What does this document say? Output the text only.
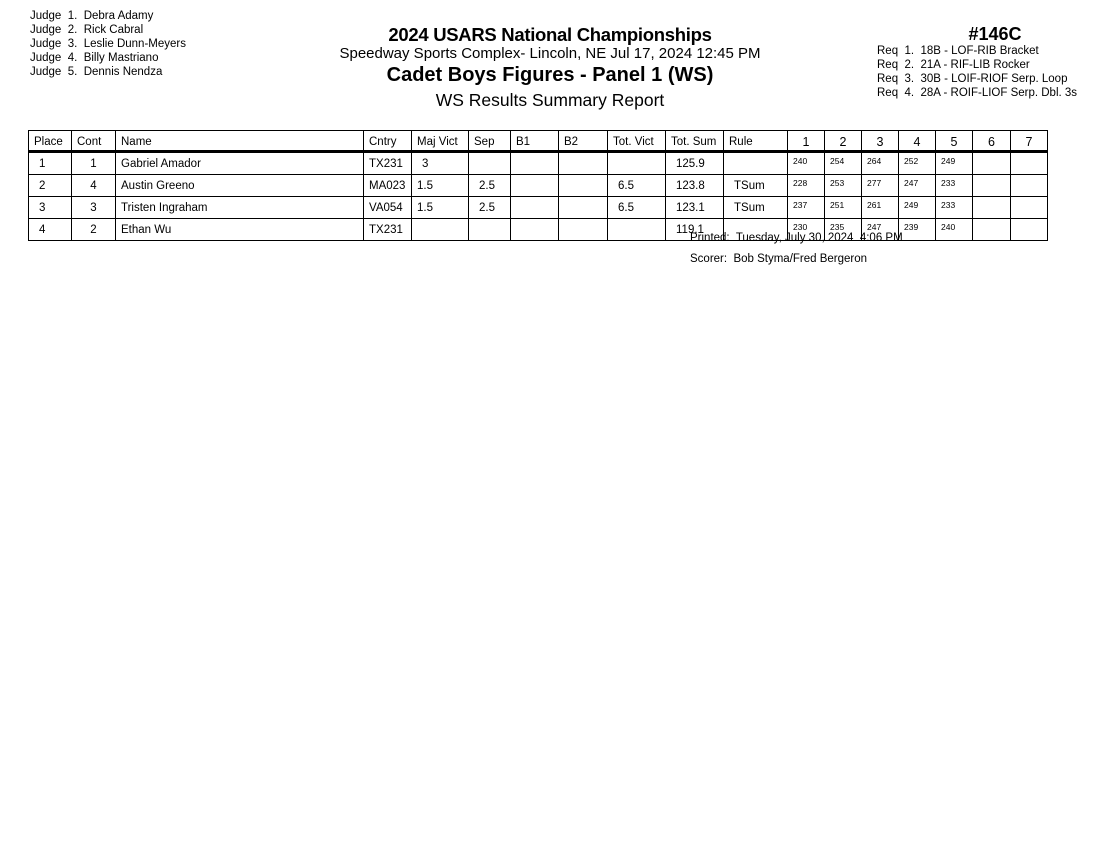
Judge  1.  Debra Adamy
Judge  2.  Rick Cabral
Judge  3.  Leslie Dunn-Meyers
Judge  4.  Billy Mastriano
Judge  5.  Dennis Nendza
2024 USARS National Championships
Speedway Sports Complex- Lincoln, NE Jul 17, 2024 12:45 PM
Cadet Boys Figures - Panel 1 (WS)
WS Results Summary Report
#146C
Req  1.  18B - LOF-RIB Bracket
Req  2.  21A - RIF-LIB Rocker
Req  3.  30B - LOIF-RIOF Serp. Loop
Req  4.  28A - ROIF-LIOF Serp. Dbl. 3s
Place	Cont	Name	Cntry	Maj Vict	Sep	B1	B2	Tot. Vict	Tot. Sum	Rule	1	2	3	4	5	6	7
1	1	Gabriel Amador	TX231	3					125.9		240	254	264	252	249		
2	4	Austin Greeno	MA023	1.5	2.5			6.5	123.8	TSum	228	253	277	247	233		
3	3	Tristen Ingraham	VA054	1.5	2.5			6.5	123.1	TSum	237	251	261	249	233		
4	2	Ethan Wu	TX231						119.1		230	235	247	239	240		
Printed:  Tuesday, July 30, 2024  4:06 PM
Scorer:  Bob Styma/Fred Bergeron
